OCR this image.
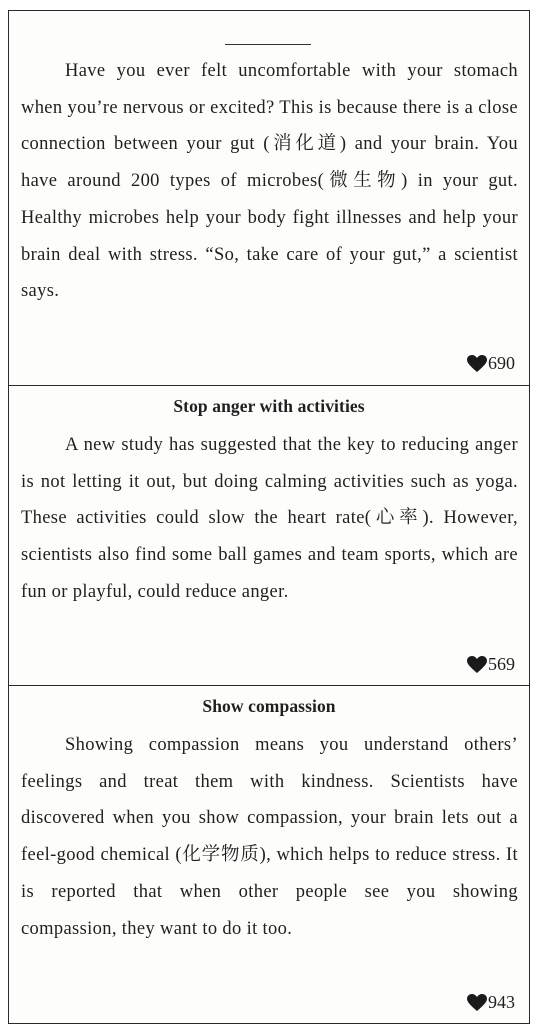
Have you ever felt uncomfortable with your stomach when you’re nervous or excited? This is because there is a close connection between your gut (消化道) and your brain. You have around 200 types of microbes(微生物) in your gut. Healthy microbes help your body fight illnesses and help your brain deal with stress. “So, take care of your gut,” a scientist says.

690
Stop anger with activities

A new study has suggested that the key to reducing anger is not letting it out, but doing calming activities such as yoga. These activities could slow the heart rate(心率). However, scientists also find some ball games and team sports, which are fun or playful, could reduce anger.

569
Show compassion

Showing compassion means you understand others’ feelings and treat them with kindness. Scientists have discovered when you show compassion, your brain lets out a feel-good chemical (化学物质), which helps to reduce stress. It is reported that when other people see you showing compassion, they want to do it too.

943
